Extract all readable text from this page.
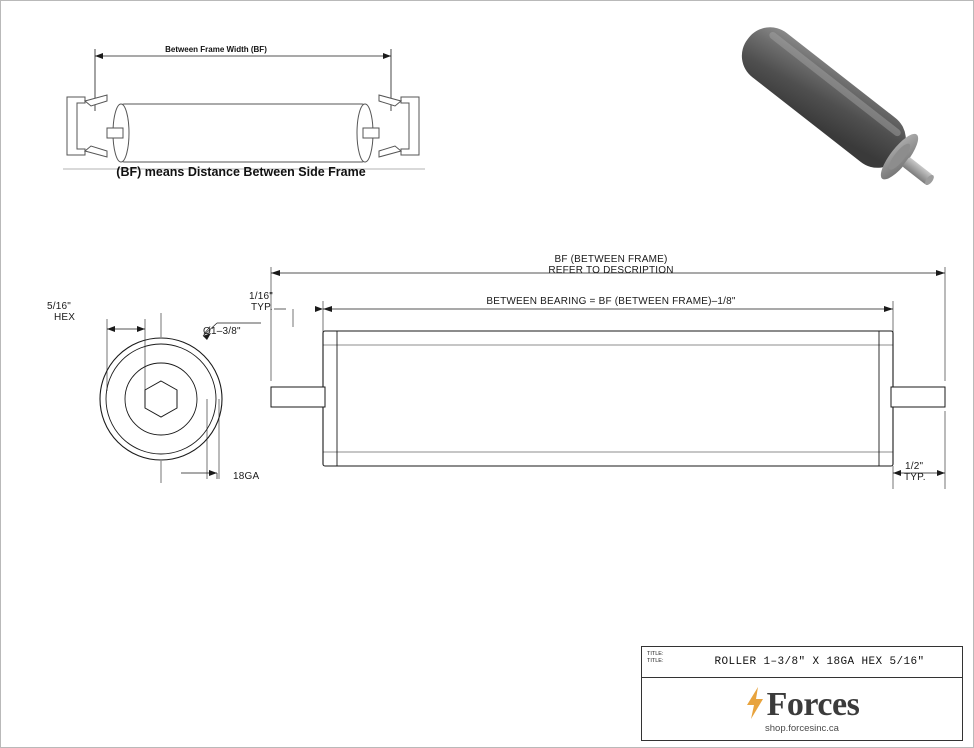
Between Frame Width (BF)
(BF) means Distance Between Side Frame
BF (BETWEEN FRAME)
REFER TO DESCRIPTION
BETWEEN BEARING = BF (BETWEEN FRAME)–1/8"
1/16"
TYP.
1/2"
TYP.
5/16"
HEX
Ø1–3/8"
18GA
TITLE:
TITLE:	ROLLER 1–3/8" X 18GA HEX 5/16"
Forces
shop.forcesinc.ca
